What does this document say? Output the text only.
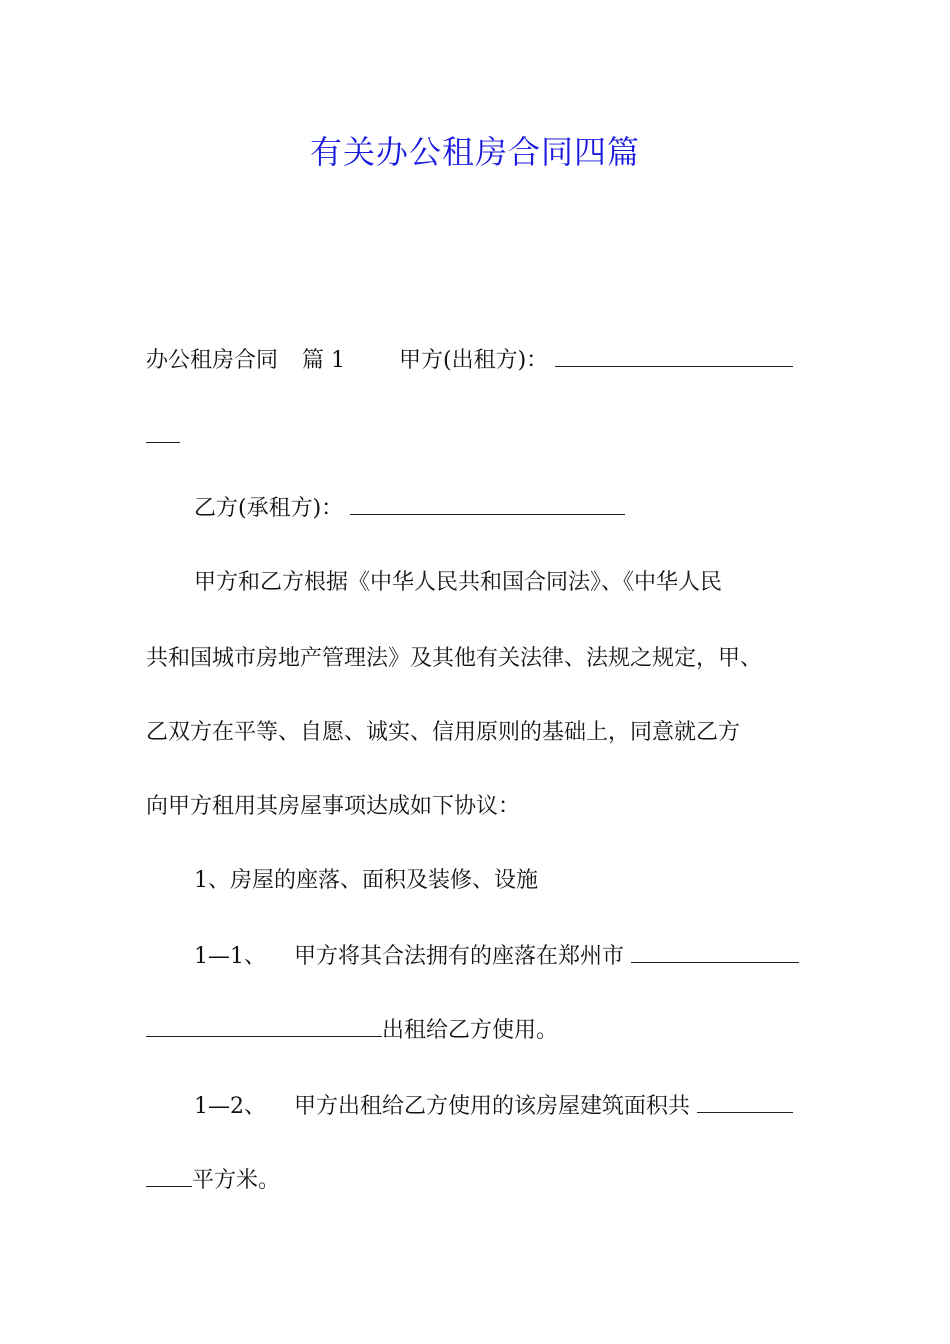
有关办公租房合同四篇
办公租房合同 篇 1 甲方(出租方)：
乙方(承租方)：
甲方和乙方根据《中华人民共和国合同法》、《中华人民
共和国城市房地产管理法》及其他有关法律、法规之规定，甲、
乙双方在平等、自愿、诚实、信用原则的基础上，同意就乙方
向甲方租用其房屋事项达成如下协议：
1、房屋的座落、面积及装修、设施
1—1、 甲方将其合法拥有的座落在郑州市
出租给乙方使用。
1—2、 甲方出租给乙方使用的该房屋建筑面积共
平方米。
